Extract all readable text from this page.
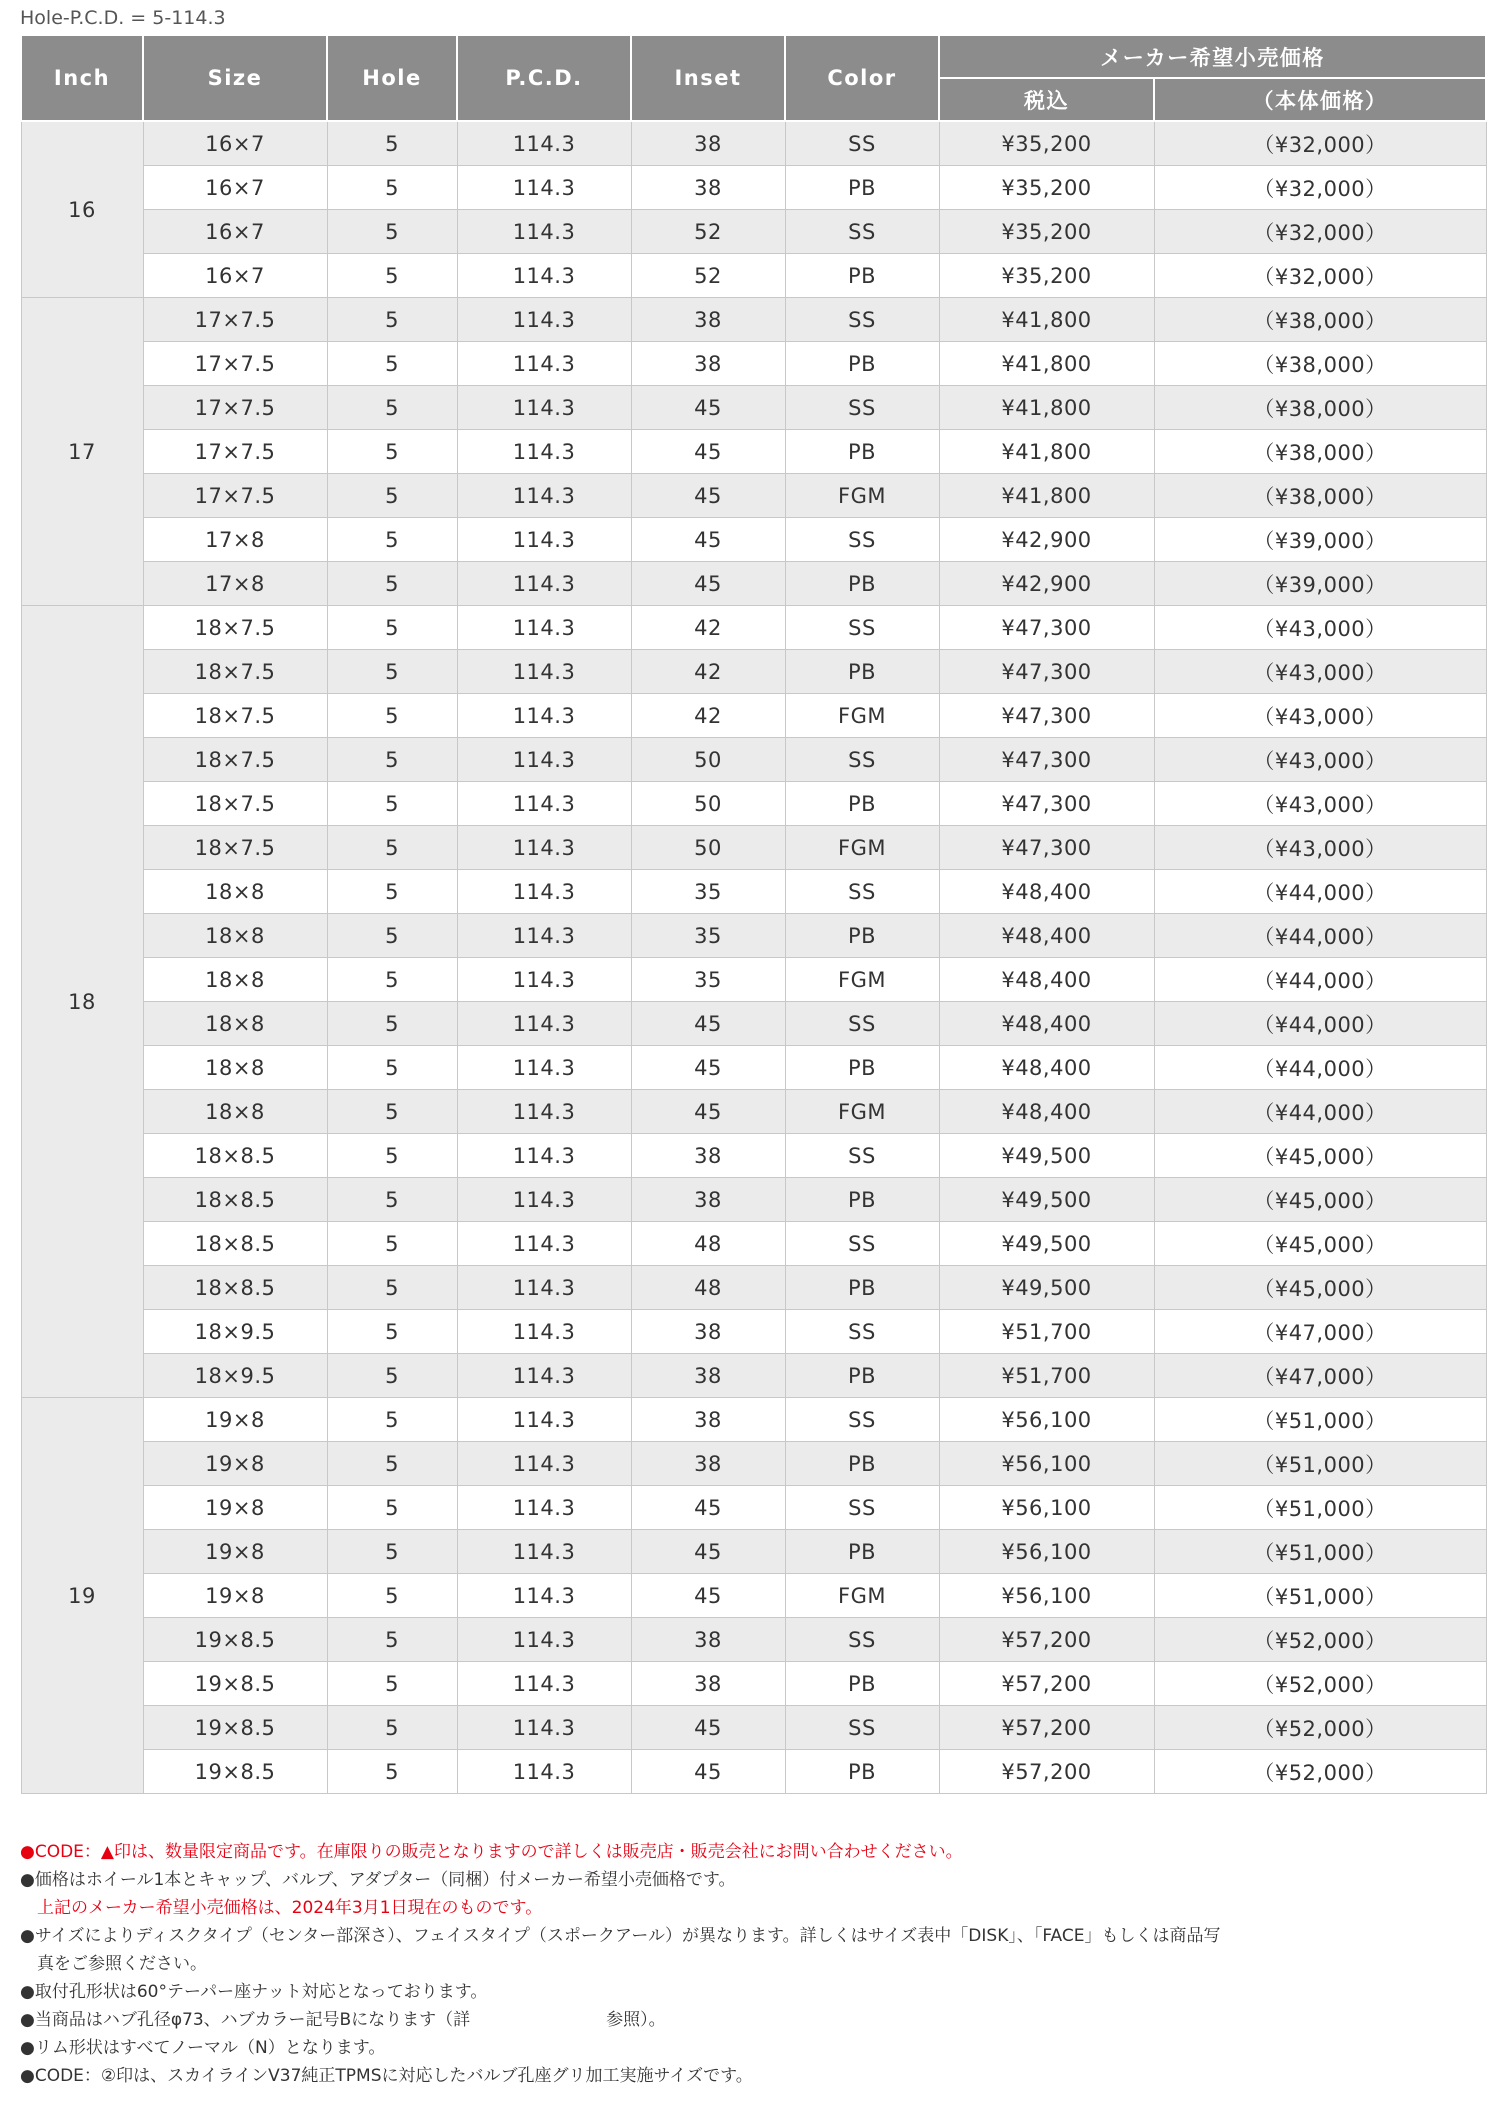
Hole-P.C.D. = 5-114.3
Inch	Size	Hole	P.C.D.	Inset	Color	メーカー希望小売価格	
						税込	（本体価格）
16	16×7	5	114.3	38	SS	¥35,200	（¥32,000）
	16×7	5	114.3	38	PB	¥35,200	（¥32,000）
	16×7	5	114.3	52	SS	¥35,200	（¥32,000）
	16×7	5	114.3	52	PB	¥35,200	（¥32,000）
17	17×7.5	5	114.3	38	SS	¥41,800	（¥38,000）
	17×7.5	5	114.3	38	PB	¥41,800	（¥38,000）
	17×7.5	5	114.3	45	SS	¥41,800	（¥38,000）
	17×7.5	5	114.3	45	PB	¥41,800	（¥38,000）
	17×7.5	5	114.3	45	FGM	¥41,800	（¥38,000）
	17×8	5	114.3	45	SS	¥42,900	（¥39,000）
	17×8	5	114.3	45	PB	¥42,900	（¥39,000）
18	18×7.5	5	114.3	42	SS	¥47,300	（¥43,000）
	18×7.5	5	114.3	42	PB	¥47,300	（¥43,000）
	18×7.5	5	114.3	42	FGM	¥47,300	（¥43,000）
	18×7.5	5	114.3	50	SS	¥47,300	（¥43,000）
	18×7.5	5	114.3	50	PB	¥47,300	（¥43,000）
	18×7.5	5	114.3	50	FGM	¥47,300	（¥43,000）
	18×8	5	114.3	35	SS	¥48,400	（¥44,000）
	18×8	5	114.3	35	PB	¥48,400	（¥44,000）
	18×8	5	114.3	35	FGM	¥48,400	（¥44,000）
	18×8	5	114.3	45	SS	¥48,400	（¥44,000）
	18×8	5	114.3	45	PB	¥48,400	（¥44,000）
	18×8	5	114.3	45	FGM	¥48,400	（¥44,000）
	18×8.5	5	114.3	38	SS	¥49,500	（¥45,000）
	18×8.5	5	114.3	38	PB	¥49,500	（¥45,000）
	18×8.5	5	114.3	48	SS	¥49,500	（¥45,000）
	18×8.5	5	114.3	48	PB	¥49,500	（¥45,000）
	18×9.5	5	114.3	38	SS	¥51,700	（¥47,000）
	18×9.5	5	114.3	38	PB	¥51,700	（¥47,000）
19	19×8	5	114.3	38	SS	¥56,100	（¥51,000）
	19×8	5	114.3	38	PB	¥56,100	（¥51,000）
	19×8	5	114.3	45	SS	¥56,100	（¥51,000）
	19×8	5	114.3	45	PB	¥56,100	（¥51,000）
	19×8	5	114.3	45	FGM	¥56,100	（¥51,000）
	19×8.5	5	114.3	38	SS	¥57,200	（¥52,000）
	19×8.5	5	114.3	38	PB	¥57,200	（¥52,000）
	19×8.5	5	114.3	45	SS	¥57,200	（¥52,000）
	19×8.5	5	114.3	45	PB	¥57,200	（¥52,000）
●CODE：▲印は、数量限定商品です。在庫限りの販売となりますので詳しくは販売店・販売会社にお問い合わせください。
●価格はホイール1本とキャップ、バルブ、アダプター（同梱）付メーカー希望小売価格です。
上記のメーカー希望小売価格は、2024年3月1日現在のものです。
●サイズによりディスクタイプ（センター部深さ）、フェイスタイプ（スポークアール）が異なります。詳しくはサイズ表中「DISK」、「FACE」もしくは商品写
真をご参照ください。
●取付孔形状は60°テーパー座ナット対応となっております。
●当商品はハブ孔径φ73、ハブカラー記号Bになります（詳　　　　　　　　参照）。
●リム形状はすべてノーマル（N）となります。
●CODE：②印は、スカイラインV37純正TPMSに対応したバルブ孔座グリ加工実施サイズです。
